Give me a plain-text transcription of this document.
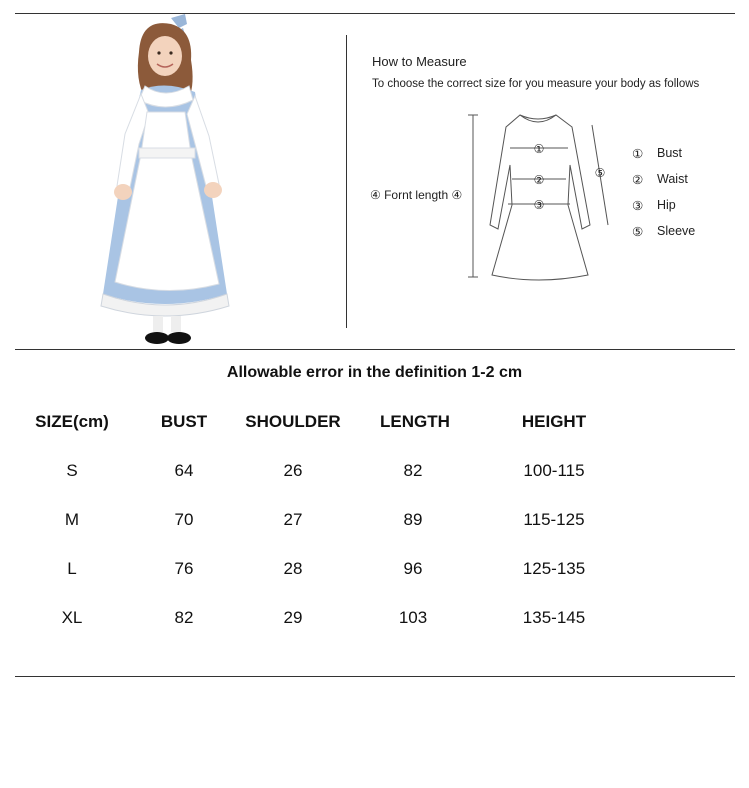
How to Measure
To choose the correct size for you measure your body as follows
①
②
③
⑤
④ Fornt length ④
①	Bust
②	Waist
③	Hip
⑤	Sleeve
Allowable error in the definition 1-2 cm
SIZE(cm)	BUST	SHOULDER	LENGTH	HEIGHT
S	64	26	82	100-115
M	70	27	89	115-125
L	76	28	96	125-135
XL	82	29	103	135-145
